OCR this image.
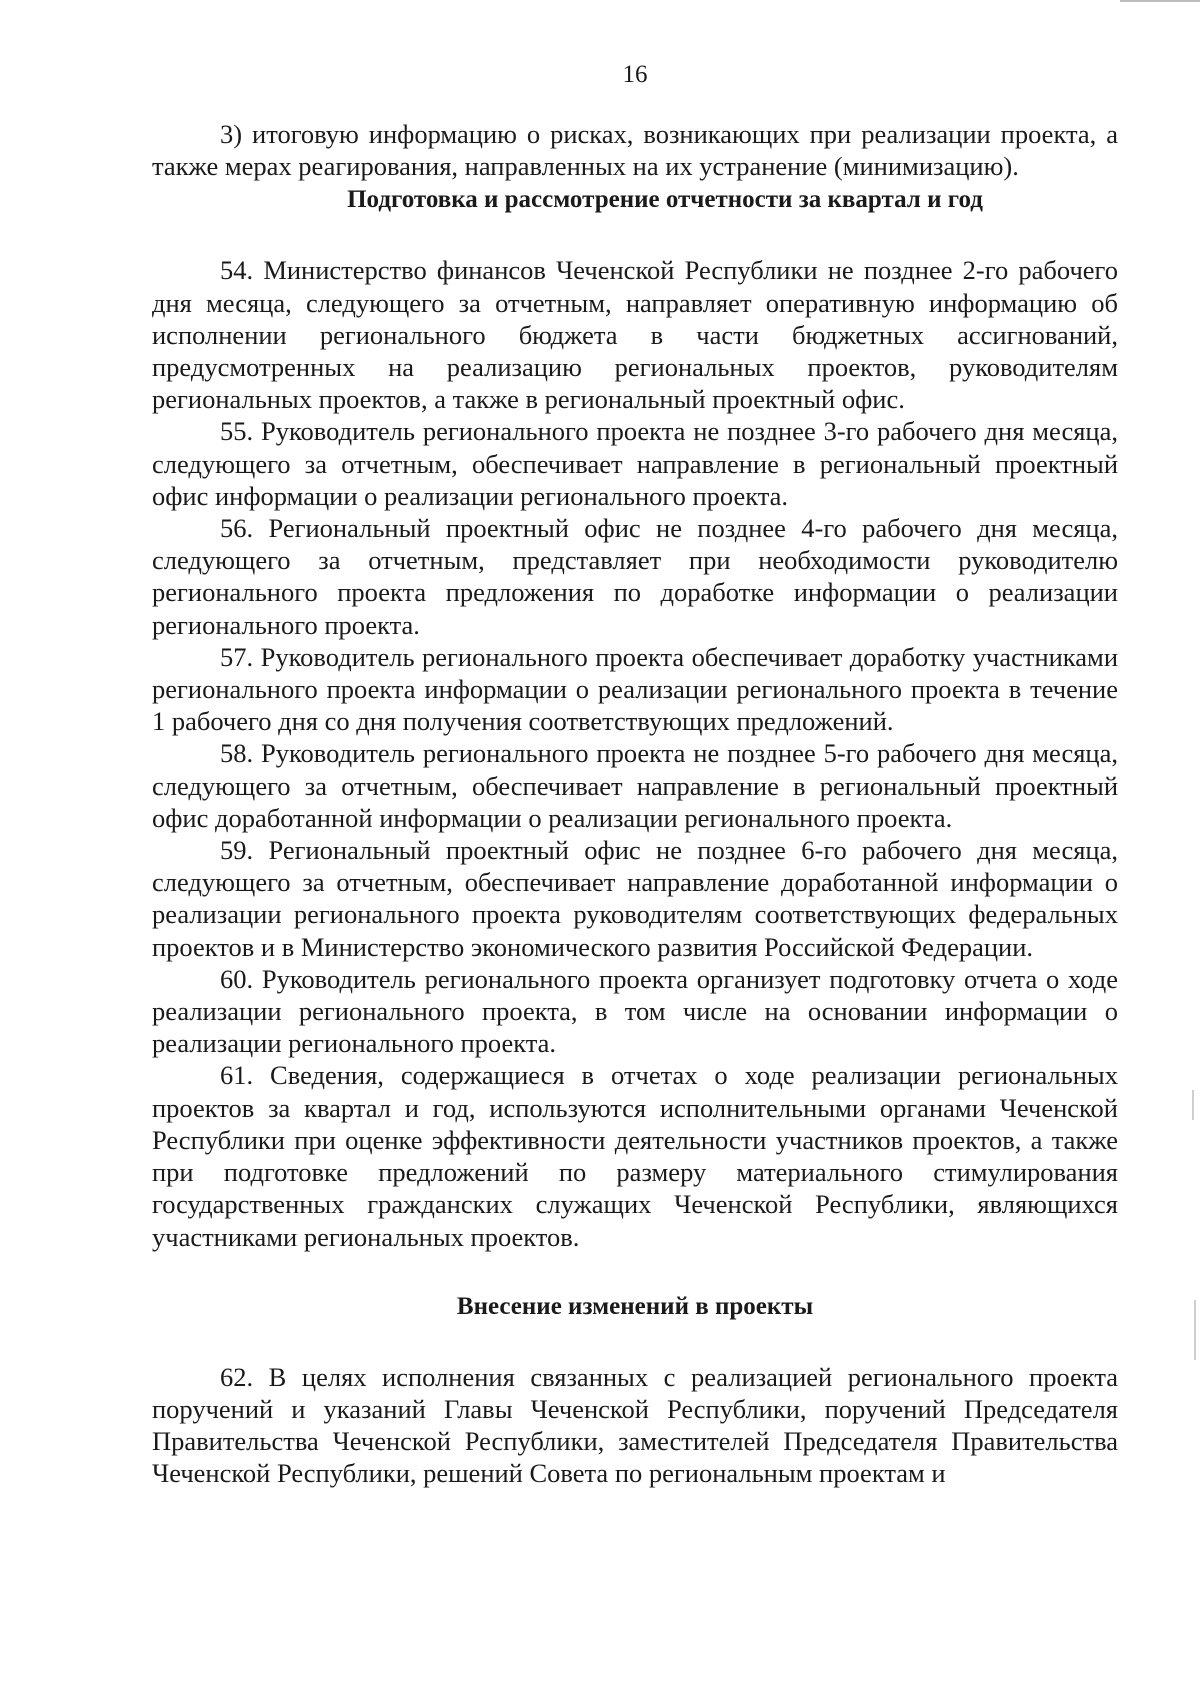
16

3) итоговую информацию о рисках, возникающих при реализации проекта, а также мерах реагирования, направленных на их устранение (минимизацию).

Подготовка и рассмотрение отчетности за квартал и год

54. Министерство финансов Чеченской Республики не позднее 2-го рабочего дня месяца, следующего за отчетным, направляет оперативную информацию об исполнении регионального бюджета в части бюджетных ассигнований, предусмотренных на реализацию региональных проектов, руководителям региональных проектов, а также в региональный проектный офис.

55. Руководитель регионального проекта не позднее 3-го рабочего дня месяца, следующего за отчетным, обеспечивает направление в региональный проектный офис информации о реализации регионального проекта.

56. Региональный проектный офис не позднее 4-го рабочего дня месяца, следующего за отчетным, представляет при необходимости руководителю регионального проекта предложения по доработке информации о реализации регионального проекта.

57. Руководитель регионального проекта обеспечивает доработку участниками регионального проекта информации о реализации регионального проекта в течение 1 рабочего дня со дня получения соответствующих предложений.

58. Руководитель регионального проекта не позднее 5-го рабочего дня месяца, следующего за отчетным, обеспечивает направление в региональный проектный офис доработанной информации о реализации регионального проекта.

59. Региональный проектный офис не позднее 6-го рабочего дня месяца, следующего за отчетным, обеспечивает направление доработанной информации о реализации регионального проекта руководителям соответствующих федеральных проектов и в Министерство экономического развития Российской Федерации.

60. Руководитель регионального проекта организует подготовку отчета о ходе реализации регионального проекта, в том числе на основании информации о реализации регионального проекта.

61. Сведения, содержащиеся в отчетах о ходе реализации региональных проектов за квартал и год, используются исполнительными органами Чеченской Республики при оценке эффективности деятельности участников проектов, а также при подготовке предложений по размеру материального стимулирования государственных гражданских служащих Чеченской Республики, являющихся участниками региональных проектов.

Внесение изменений в проекты

62. В целях исполнения связанных с реализацией регионального проекта поручений и указаний Главы Чеченской Республики, поручений Председателя Правительства Чеченской Республики, заместителей Председателя Правительства Чеченской Республики, решений Совета по региональным проектам и
